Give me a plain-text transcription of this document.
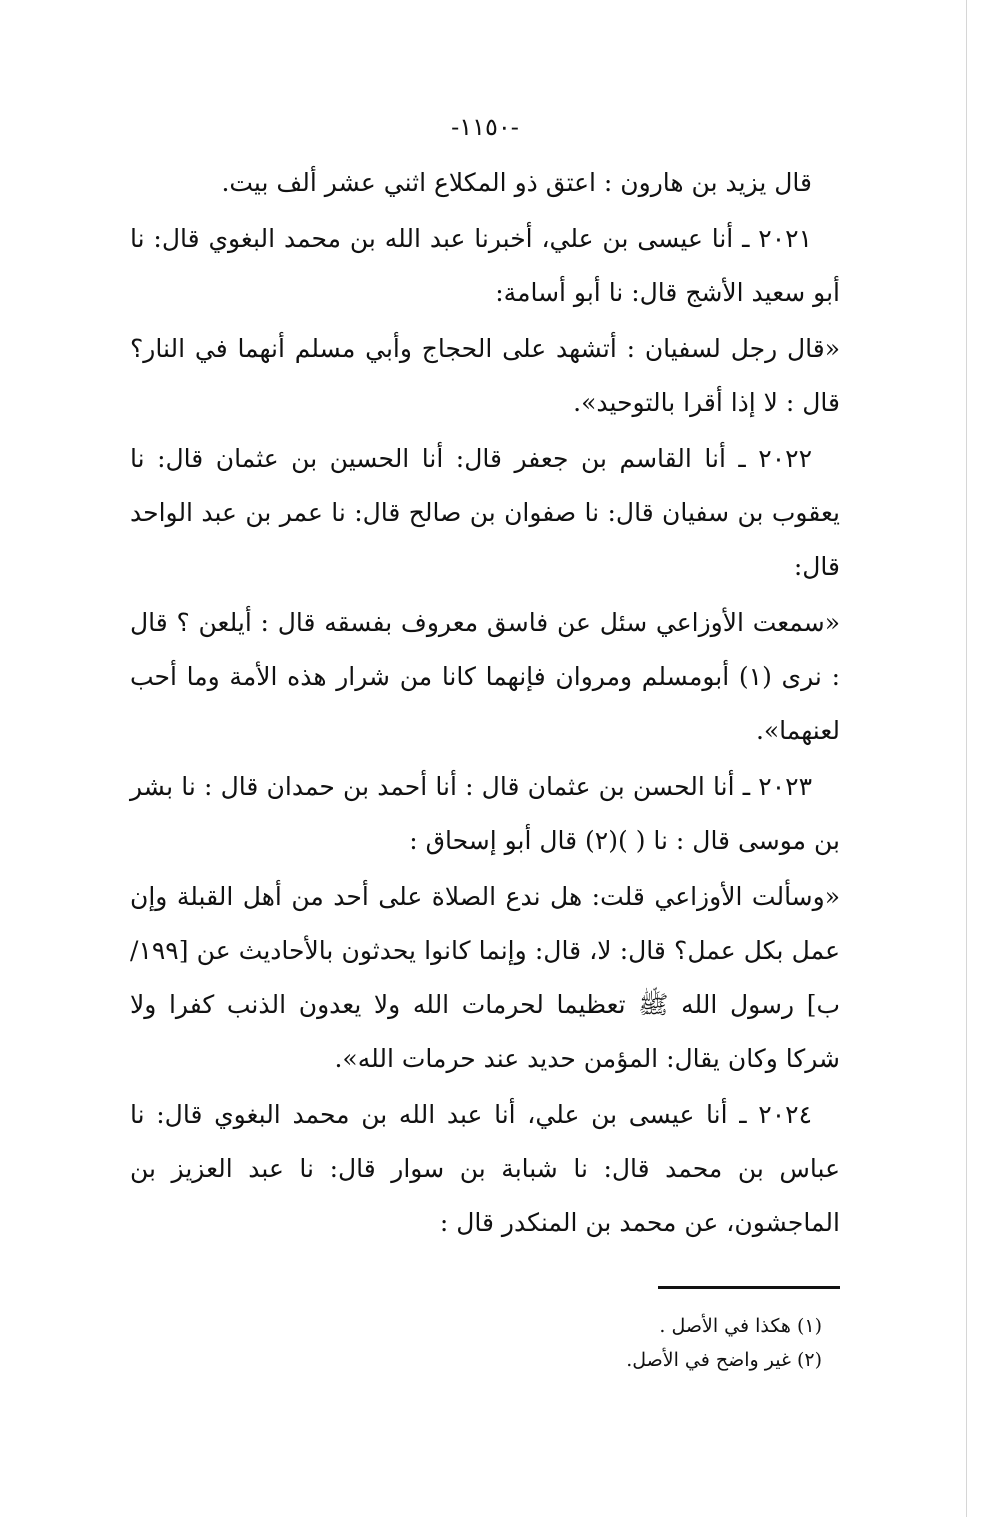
-١١٥٠-

قال يزيد بن هارون : اعتق ذو المكلاع اثني عشر ألف بيت.

٢٠٢١ ـ أنا عيسى بن علي، أخبرنا عبد الله بن محمد البغوي قال: نا أبو سعيد الأشج قال: نا أبو أسامة:

«قال رجل لسفيان : أتشهد على الحجاج وأبي مسلم أنهما في النار؟ قال : لا إذا أقرا بالتوحيد».

٢٠٢٢ ـ أنا القاسم بن جعفر قال: أنا الحسين بن عثمان قال: نا يعقوب بن سفيان قال: نا صفوان بن صالح قال: نا عمر بن عبد الواحد قال:

«سمعت الأوزاعي سئل عن فاسق معروف بفسقه قال : أيلعن ؟ قال : نرى (١) أبومسلم ومروان فإنهما كانا من شرار هذه الأمة وما أحب لعنهما».

٢٠٢٣ ـ أنا الحسن بن عثمان قال : أنا أحمد بن حمدان قال : نا بشر بن موسى قال : نا ( )(٢) قال أبو إسحاق :

«وسألت الأوزاعي قلت: هل ندع الصلاة على أحد من أهل القبلة وإن عمل بكل عمل؟ قال: لا، قال: وإنما كانوا يحدثون بالأحاديث عن [١٩٩/ب] رسول الله ﷺ تعظيما لحرمات الله ولا يعدون الذنب كفرا ولا شركا وكان يقال: المؤمن حديد عند حرمات الله».

٢٠٢٤ ـ أنا عيسى بن علي، أنا عبد الله بن محمد البغوي قال: نا عباس بن محمد قال: نا شبابة بن سوار قال: نا عبد العزيز بن الماجشون، عن محمد بن المنكدر قال :

(١) هكذا في الأصل .
(٢) غير واضح في الأصل.
